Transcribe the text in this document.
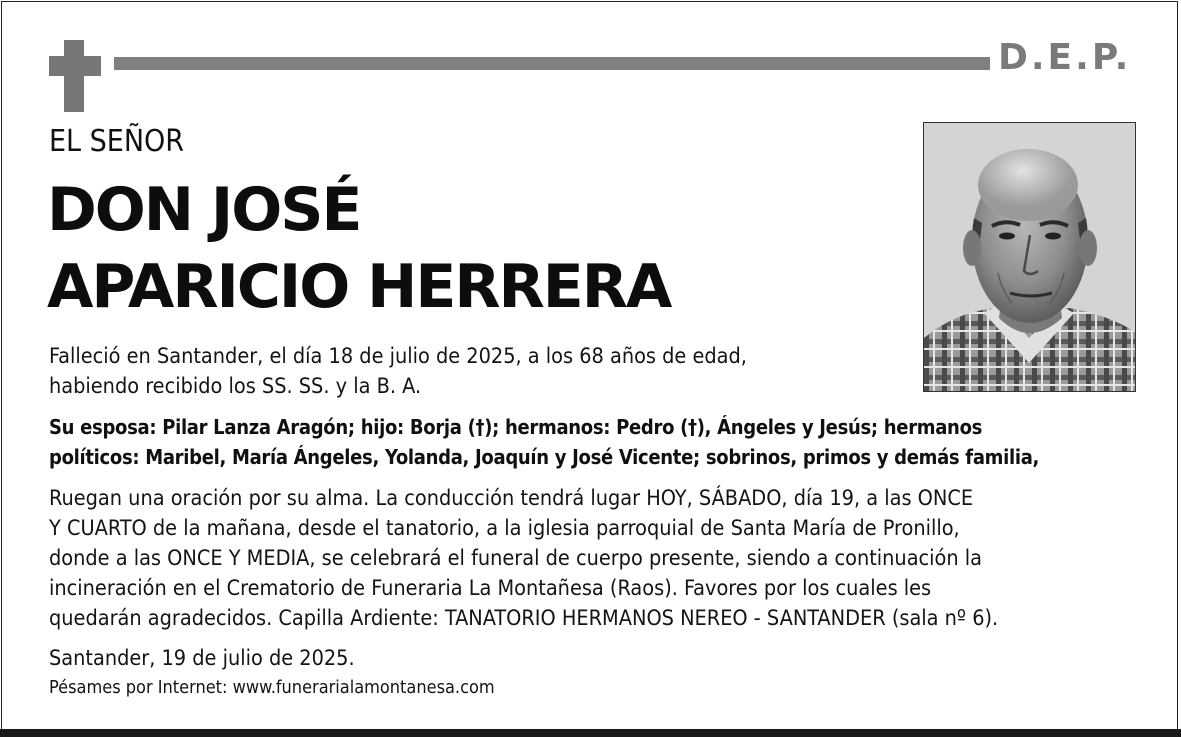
D.E.P.
EL SEÑOR
DON JOSÉ
APARICIO HERRERA
Falleció en Santander, el día 18 de julio de 2025, a los 68 años de edad,
habiendo recibido los SS. SS. y la B. A.
Su esposa: Pilar Lanza Aragón; hijo: Borja (†); hermanos: Pedro (†), Ángeles y Jesús; hermanos
políticos: Maribel, María Ángeles, Yolanda, Joaquín y José Vicente; sobrinos, primos y demás familia,
Ruegan una oración por su alma. La conducción tendrá lugar HOY, SÁBADO, día 19, a las ONCE
Y CUARTO de la mañana, desde el tanatorio, a la iglesia parroquial de Santa María de Pronillo,
donde a las ONCE Y MEDIA, se celebrará el funeral de cuerpo presente, siendo a continuación la
incineración en el Crematorio de Funeraria La Montañesa (Raos). Favores por los cuales les
quedarán agradecidos. Capilla Ardiente: TANATORIO HERMANOS NEREO - SANTANDER (sala nº 6).
Santander, 19 de julio de 2025.
Pésames por Internet: www.funerarialamontanesa.com
